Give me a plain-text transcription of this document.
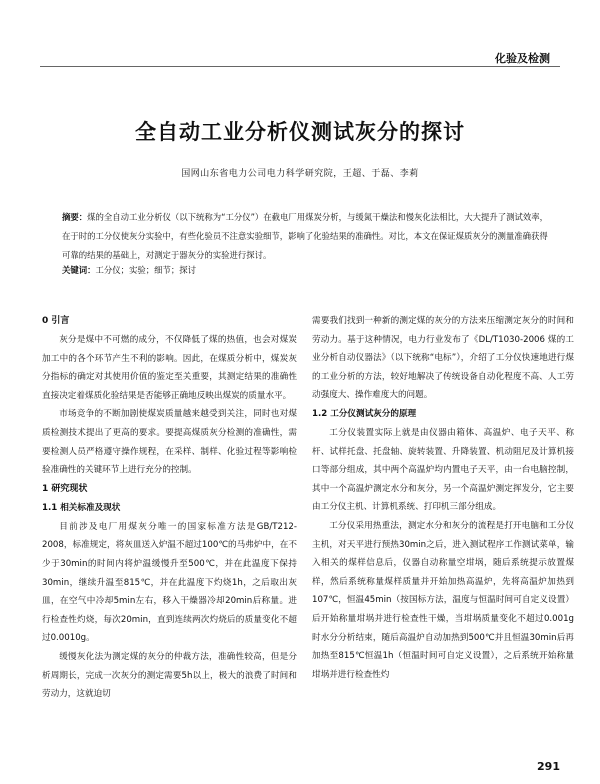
化验及检测
全自动工业分析仪测试灰分的探讨
国网山东省电力公司电力科学研究院，王超、于磊、李莉
摘要：煤的全自动工业分析仪（以下统称为“工分仪”）在截电厂用煤炭分析，与缓氮干燥法和慢灰化法相比，大大提升了测试效率，在于时的工分仪使灰分实验中，有些化验员不注意实验细节，影响了化验结果的准确性。对比，本文在保证煤质灰分的测量准确获得可靠的结果的基础上，对测定于器灰分的实验进行探讨。
关键词：工分仪；实验；细节；探讨
0 引言

灰分是煤中不可燃的成分，不仅降低了煤的热值，也会对煤炭加工中的各个环节产生不利的影响。因此，在煤质分析中，煤炭灰分指标的确定对其使用价值的鉴定至关重要，其测定结果的准确性直接决定着煤质化验结果是否能够正确地反映出煤炭的质量水平。

市场竞争的不断加剧使煤炭质量越来越受到关注，同时也对煤质检测技术提出了更高的要求。要提高煤质灰分检测的准确性，需要检测人员严格遵守操作规程，在采样、制样、化验过程等影响检验准确性的关键环节上进行充分的控制。

1 研究现状
1.1 相关标准及现状

目前涉及电厂用煤灰分唯一的国家标准方法是GB/T212-2008，标准规定，将灰皿送入炉温不超过100℃的马弗炉中，在不少于30min的时间内将炉温缓慢升至500℃，并在此温度下保持30min，继续升温至815℃，并在此温度下灼烧1h，之后取出灰皿，在空气中冷却5min左右，移入干燥器冷却20min后称量。进行检查性灼烧，每次20min，直到连续两次灼烧后的质量变化不超过0.0010g。

缓慢灰化法为测定煤的灰分的仲裁方法，准确性较高，但是分析周期长，完成一次灰分的测定需要5h以上，极大的浪费了时间和劳动力，这就迫切

需要我们找到一种新的测定煤的灰分的方法来压缩测定灰分的时间和劳动力。基于这种情况，电力行业发布了《DL/T1030-2006 煤的工业分析自动仪器法》（以下统称“电标”），介绍了工分仪快速地进行煤的工业分析的方法，较好地解决了传统设备自动化程度不高、人工劳动强度大、操作难度大的问题。

1.2 工分仪测试灰分的原理

工分仪装置实际上就是由仪器由箱体、高温炉、电子天平、称杆、试样托盘、托盘轴、旋转装置、升降装置、机动阻尼及计算机接口等部分组成，其中两个高温炉均内置电子天平，由一台电脑控制，其中一个高温炉测定水分和灰分，另一个高温炉测定挥发分，它主要由工分仪主机、计算机系统、打印机三部分组成。

工分仪采用热重法，测定水分和灰分的流程是打开电脑和工分仪主机，对天平进行预热30min之后，进入测试程序工作测试菜单，输入相关的煤样信息后，仪器自动称量空坩埚，随后系统提示放置煤样，然后系统称量煤样质量并开始加热高温炉，先将高温炉加热到107℃，恒温45min（按国标方法，温度与恒温时间可自定义设置）后开始称量坩埚并进行检查性干燥，当坩埚质量变化不超过0.001g时水分分析结束，随后高温炉自动加热到500℃并且恒温30min后再加热至815℃恒温1h（恒温时间可自定义设置），之后系统开始称量坩埚并进行检查性灼

291
